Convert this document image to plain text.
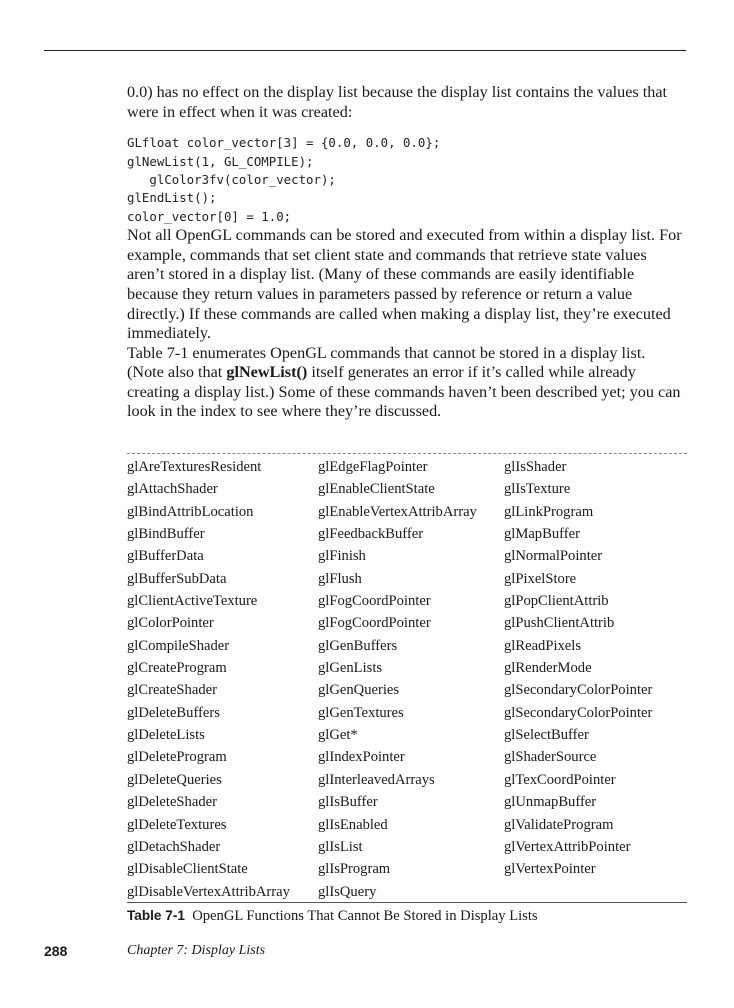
0.0) has no effect on the display list because the display list contains the values that were in effect when it was created:

GLfloat color_vector[3] = {0.0, 0.0, 0.0};
glNewList(1, GL_COMPILE);
glColor3fv(color_vector);
glEndList();
color_vector[0] = 1.0;

Not all OpenGL commands can be stored and executed from within a display list. For example, commands that set client state and commands that retrieve state values aren’t stored in a display list. (Many of these commands are easily identifiable because they return values in parameters passed by reference or return a value directly.) If these commands are called when making a display list, they’re executed immediately.

Table 7-1 enumerates OpenGL commands that cannot be stored in a display list. (Note also that glNewList() itself generates an error if it’s called while already creating a display list.) Some of these commands haven’t been described yet; you can look in the index to see where they’re discussed.

glAreTexturesResident
glAttachShader
glBindAttribLocation
glBindBuffer
glBufferData
glBufferSubData
glClientActiveTexture
glColorPointer
glCompileShader
glCreateProgram
glCreateShader
glDeleteBuffers
glDeleteLists
glDeleteProgram
glDeleteQueries
glDeleteShader
glDeleteTextures
glDetachShader
glDisableClientState
glDisableVertexAttribArray
glEdgeFlagPointer
glEnableClientState
glEnableVertexAttribArray
glFeedbackBuffer
glFinish
glFlush
glFogCoordPointer
glFogCoordPointer
glGenBuffers
glGenLists
glGenQueries
glGenTextures
glGet*
glIndexPointer
glInterleavedArrays
glIsBuffer
glIsEnabled
glIsList
glIsProgram
glIsQuery
glIsShader
glIsTexture
glLinkProgram
glMapBuffer
glNormalPointer
glPixelStore
glPopClientAttrib
glPushClientAttrib
glReadPixels
glRenderMode
glSecondaryColorPointer
glSecondaryColorPointer
glSelectBuffer
glShaderSource
glTexCoordPointer
glUnmapBuffer
glValidateProgram
glVertexAttribPointer
glVertexPointer
Table 7-1 OpenGL Functions That Cannot Be Stored in Display Lists
288	Chapter 7: Display Lists
